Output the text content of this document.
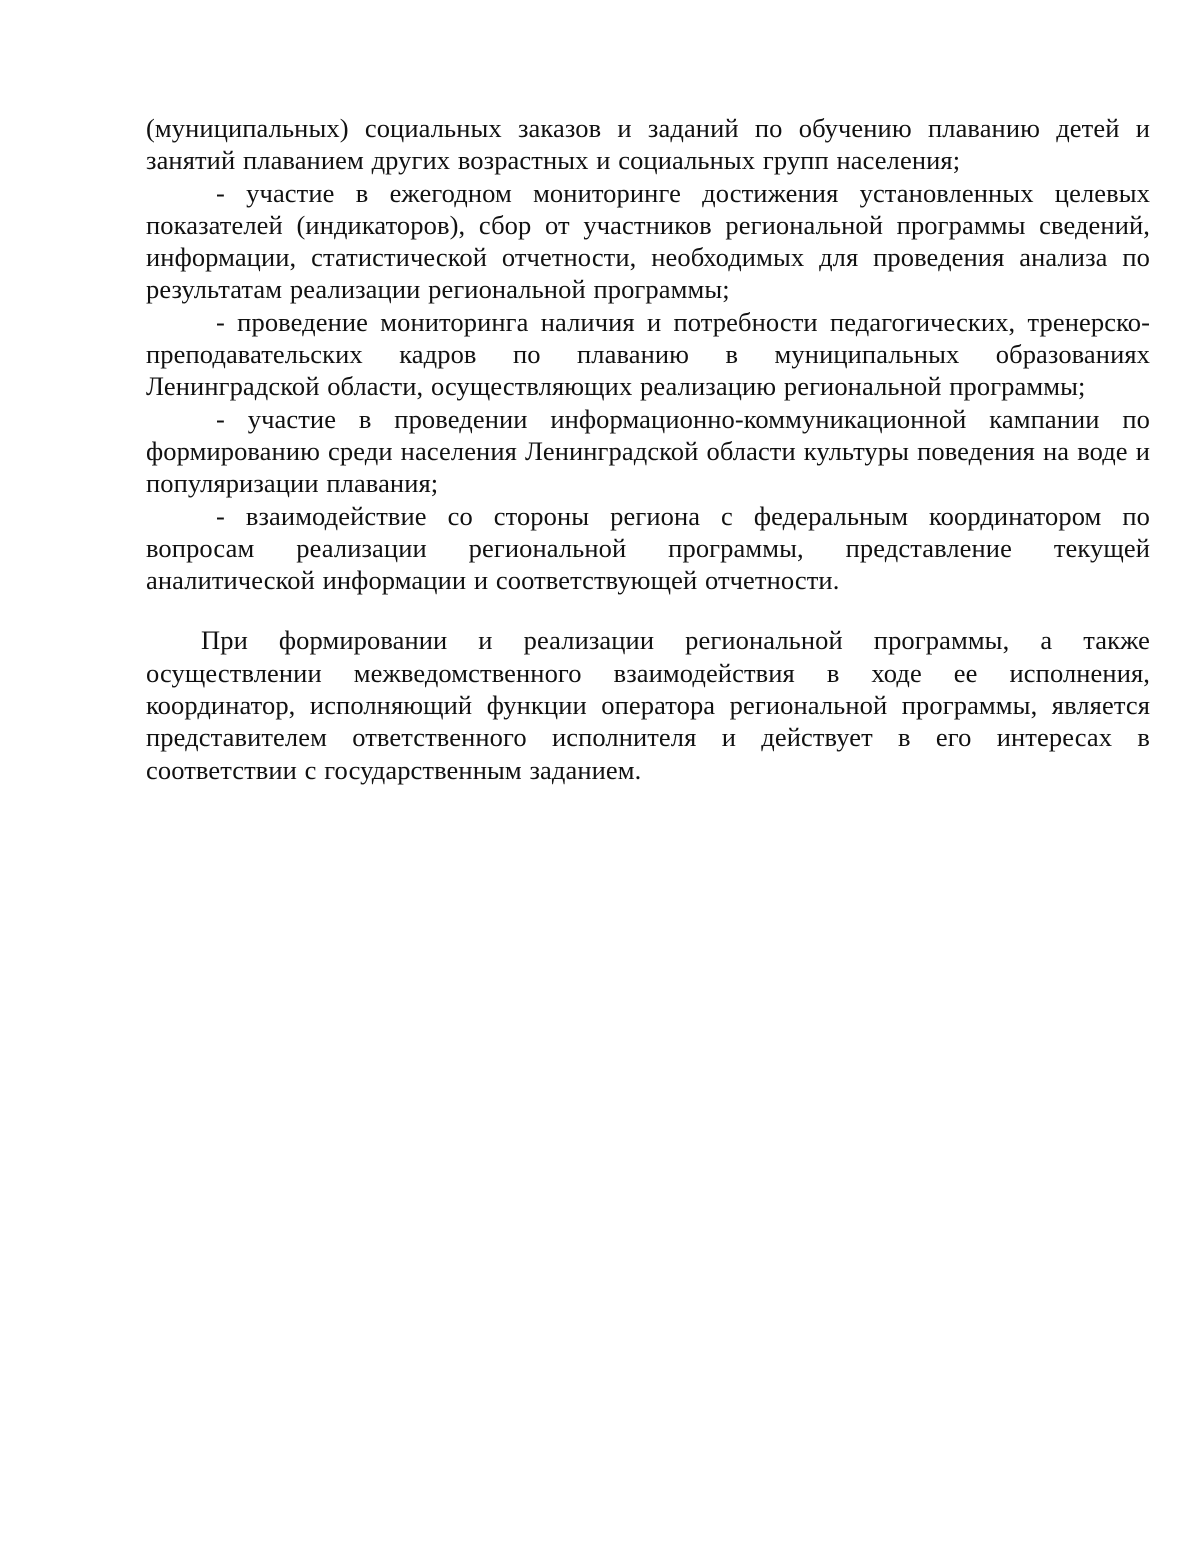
(муниципальных) социальных заказов и заданий по обучению плаванию детей и занятий плаванием других возрастных и социальных групп населения;

- участие в ежегодном мониторинге достижения установленных целевых показателей (индикаторов), сбор от участников региональной программы сведений, информации, статистической отчетности, необходимых для проведения анализа по результатам реализации региональной программы;

- проведение мониторинга наличия и потребности педагогических, тренерско-преподавательских кадров по плаванию в муниципальных образованиях Ленинградской области, осуществляющих реализацию региональной программы;

- участие в проведении информационно-коммуникационной кампании по формированию среди населения Ленинградской области культуры поведения на воде и популяризации плавания;

- взаимодействие со стороны региона с федеральным координатором по вопросам реализации региональной программы, представление текущей аналитической информации и соответствующей отчетности.

При формировании и реализации региональной программы, а также осуществлении межведомственного взаимодействия в ходе ее исполнения, координатор, исполняющий функции оператора региональной программы, является представителем ответственного исполнителя и действует в его интересах в соответствии с государственным заданием.
